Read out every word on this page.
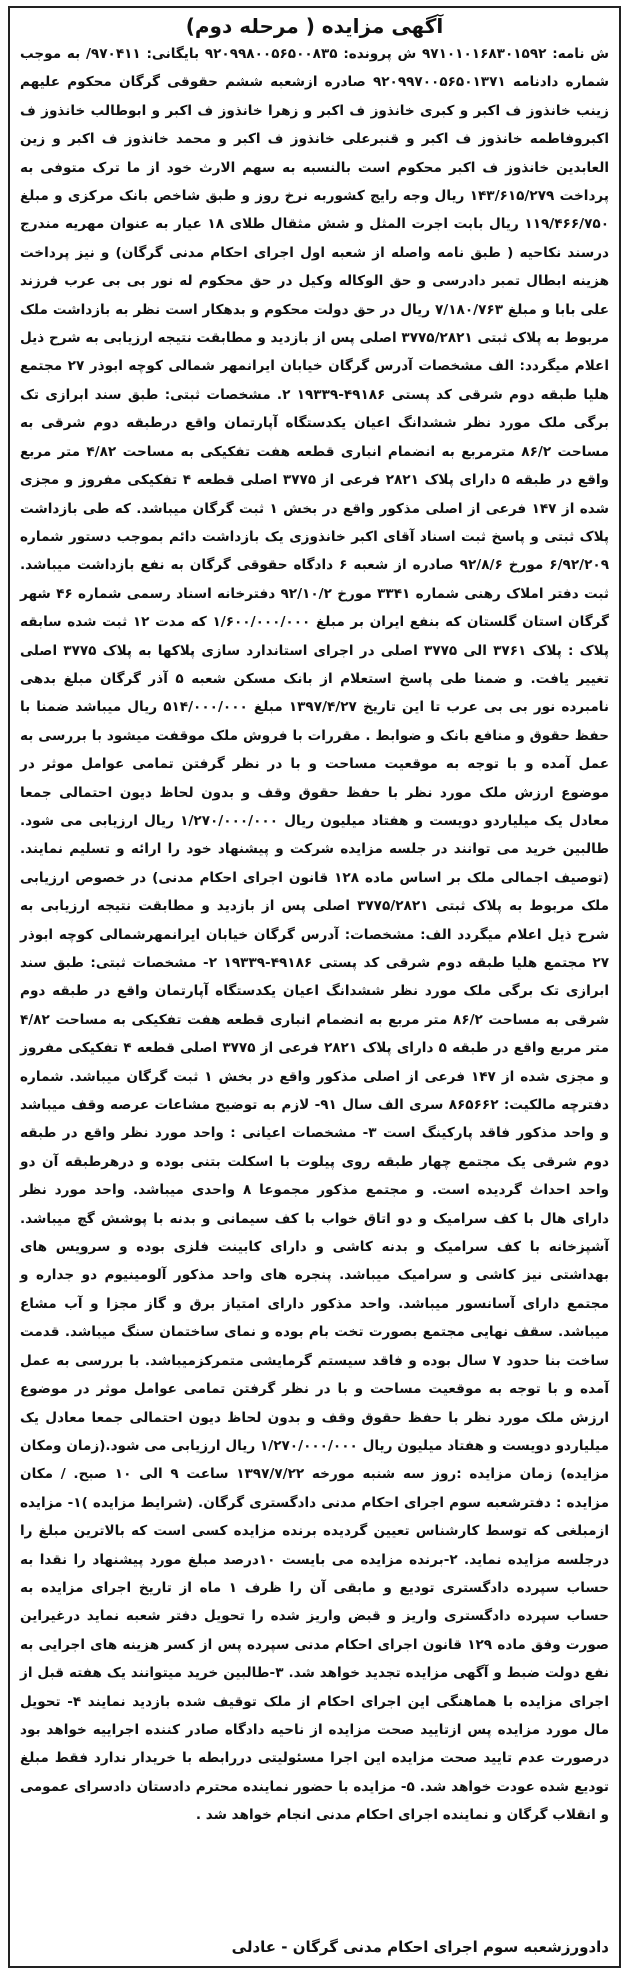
آگهی مزایده ( مرحله دوم)

ش نامه: ۹۷۱۰۱۰۱۶۸۳۰۱۵۹۲ ش پرونده: ۹۲۰۹۹۸۰۰۵۶۵۰۰۸۳۵ بایگانی: ۹۷۰۴۱۱/ به موجب شماره دادنامه ۹۲۰۹۹۷۰۰۵۶۵۰۱۳۷۱ صادره ازشعبه ششم حقوقی گرگان محکوم علیهم زینب خانذوز ف اکبر و کبری خانذوز ف اکبر و زهرا خانذوز ف اکبر و ابوطالب خانذوز ف اکبروفاطمه خانذوز ف اکبر و قنبرعلی خانذوز ف اکبر و محمد خانذوز ف اکبر و زین العابدین خانذوز ف اکبر محکوم است بالنسبه به سهم الارث خود از ما ترک متوفی به پرداخت ۱۴۳/۶۱۵/۲۷۹ ریال وجه رایج کشوربه نرخ روز و طبق شاخص بانک مرکزی و مبلغ ۱۱۹/۴۶۶/۷۵۰ ریال بابت اجرت المثل و شش مثقال طلای ۱۸ عیار به عنوان مهریه مندرج درسند نکاحیه ( طبق نامه واصله از شعبه اول اجرای احکام مدنی گرگان) و نیز پرداخت هزینه ابطال تمبر دادرسی و حق الوکاله وکیل در حق محکوم له نور بی بی عرب فرزند علی بابا و مبلغ ۷/۱۸۰/۷۶۳ ریال در حق دولت محکوم و بدهکار است نظر به بازداشت ملک مربوط به پلاک ثبتی ۳۷۷۵/۲۸۲۱ اصلی پس از بازدید و مطابقت نتیجه ارزیابی به شرح ذیل اعلام میگردد: الف مشخصات آدرس گرگان خیابان ایرانمهر شمالی کوچه ابوذر ۲۷ مجتمع هلیا طبقه دوم شرقی کد پستی ۴۹۱۸۶-۱۹۳۳۹ ۲. مشخصات ثبتی: طبق سند ابرازی تک برگی ملک مورد نظر ششدانگ اعیان یکدستگاه آپارتمان واقع درطبقه دوم شرقی به مساحت ۸۶/۲ مترمربع به انضمام انباری قطعه هفت تفکیکی به مساحت ۴/۸۲ متر مربع واقع در طبقه ۵ دارای پلاک ۲۸۲۱ فرعی از ۳۷۷۵ اصلی قطعه ۴ تفکیکی مفروز و مجزی شده از ۱۴۷ فرعی از اصلی مذکور واقع در بخش ۱ ثبت گرگان میباشد. که طی بازداشت پلاک ثبتی و پاسخ ثبت اسناد آقای اکبر خانذوزی یک بازداشت دائم بموجب دستور شماره ۶/۹۲/۲۰۹ مورخ ۹۲/۸/۶ صادره از شعبه ۶ دادگاه حقوقی گرگان به نفع بازداشت میباشد. ثبت دفتر املاک رهنی شماره ۳۳۴۱ مورخ ۹۲/۱۰/۲ دفترخانه اسناد رسمی شماره ۴۶ شهر گرگان استان گلستان که بنفع ایران بر مبلغ ۱/۶۰۰/۰۰۰/۰۰۰ که مدت ۱۲ ثبت شده سابقه پلاک : پلاک ۳۷۶۱ الی ۳۷۷۵ اصلی در اجرای استاندارد سازی پلاکها به پلاک ۳۷۷۵ اصلی تغییر یافت. و ضمنا طی پاسخ استعلام از بانک مسکن شعبه ۵ آذر گرگان مبلغ بدهی نامبرده نور بی بی عرب تا این تاریخ ۱۳۹۷/۴/۲۷ مبلغ ۵۱۴/۰۰۰/۰۰۰ ریال میباشد ضمنا با حفظ حقوق و منافع بانک و ضوابط . مقررات با فروش ملک موقفت میشود با بررسی به عمل آمده و با توجه به موقعیت مساحت و با در نظر گرفتن تمامی عوامل موثر در موضوع ارزش ملک مورد نظر با حفظ حقوق وقف و بدون لحاظ دیون احتمالی جمعا معادل یک میلیاردو دویست و هفتاد میلیون ریال ۱/۲۷۰/۰۰۰/۰۰۰ ریال ارزیابی می شود. طالبین خرید می توانند در جلسه مزایده شرکت و پیشنهاد خود را ارائه و تسلیم نمایند. (توصیف اجمالی ملک بر اساس ماده ۱۲۸ قانون اجرای احکام مدنی) در خصوص ارزیابی ملک مربوط به پلاک ثبتی ۳۷۷۵/۲۸۲۱ اصلی پس از بازدید و مطابقت نتیجه ارزیابی به شرح ذیل اعلام میگردد الف: مشخصات: آدرس گرگان خیابان ایرانمهرشمالی کوچه ابوذر ۲۷ مجتمع هلیا طبقه دوم شرقی کد پستی ۴۹۱۸۶-۱۹۳۳۹ ۲- مشخصات ثبتی: طبق سند ابرازی تک برگی ملک مورد نظر ششدانگ اعیان یکدستگاه آپارتمان واقع در طبقه دوم شرقی به مساحت ۸۶/۲ متر مربع به انضمام انباری قطعه هفت تفکیکی به مساحت ۴/۸۲ متر مربع واقع در طبقه ۵ دارای پلاک ۲۸۲۱ فرعی از ۳۷۷۵ اصلی قطعه ۴ تفکیکی مفروز و مجزی شده از ۱۴۷ فرعی از اصلی مذکور واقع در بخش ۱ ثبت گرگان میباشد. شماره دفترچه مالکیت: ۸۶۵۶۶۲ سری الف سال ۹۱- لازم به توضیح مشاعات عرصه وقف میباشد و واحد مذکور فاقد پارکینگ است ۳- مشخصات اعیانی : واحد مورد نظر واقع در طبقه دوم شرقی یک مجتمع چهار طبقه روی پیلوت با اسکلت بتنی بوده و درهرطبقه آن دو واحد احداث گردیده است. و مجتمع مذکور مجموعا ۸ واحدی میباشد. واحد مورد نظر دارای هال با کف سرامیک و دو اتاق خواب با کف سیمانی و بدنه با پوشش گچ میباشد. آشپزخانه با کف سرامیک و بدنه کاشی و دارای کابینت فلزی بوده و سرویس های بهداشتی نیز کاشی و سرامیک میباشد. پنجره های واحد مذکور آلومینیوم دو جداره و مجتمع دارای آسانسور میباشد. واحد مذکور دارای امتیاز برق و گاز مجزا و آب مشاع میباشد. سقف نهایی مجتمع بصورت تخت بام بوده و نمای ساختمان سنگ میباشد. قدمت ساخت بنا حدود ۷ سال بوده و فاقد سیستم گرمایشی متمرکزمیباشد. با بررسی به عمل آمده و با توجه به موقعیت مساحت و با در نظر گرفتن تمامی عوامل موثر در موضوع ارزش ملک مورد نظر با حفظ حقوق وقف و بدون لحاظ دیون احتمالی جمعا معادل یک میلیاردو دویست و هفتاد میلیون ریال ۱/۲۷۰/۰۰۰/۰۰۰ ریال ارزیابی می شود.(زمان ومکان مزایده) زمان مزایده :روز سه شنبه مورخه ۱۳۹۷/۷/۲۲ ساعت ۹ الی ۱۰ صبح. / مکان مزایده : دفترشعبه سوم اجرای احکام مدنی دادگستری گرگان. (شرایط مزایده )۱- مزایده ازمبلغی که توسط کارشناس تعیین گردیده برنده مزایده کسی است که بالاترین مبلغ را درجلسه مزایده نماید. ۲-برنده مزایده می بایست ۱۰درصد مبلغ مورد پیشنهاد را نقدا به حساب سپرده دادگستری تودیع و مابقی آن را ظرف ۱ ماه از تاریخ اجرای مزایده به حساب سپرده دادگستری واریز و قبض واریز شده را تحویل دفتر شعبه نماید درغیراین صورت وفق ماده ۱۲۹ قانون اجرای احکام مدنی سپرده پس از کسر هزینه های اجرایی به نفع دولت ضبط و آگهی مزایده تجدید خواهد شد. ۳-طالبین خرید میتوانند یک هفته قبل از اجرای مزایده با هماهنگی این اجرای احکام از ملک توقیف شده بازدید نمایند ۴- تحویل مال مورد مزایده پس ازتایید صحت مزایده از ناحیه دادگاه صادر کننده اجراییه خواهد بود درصورت عدم تایید صحت مزایده این اجرا مسئولیتی دررابطه با خریدار ندارد فقط مبلغ تودیع شده عودت خواهد شد. ۵- مزایده با حضور نماینده محترم دادستان دادسرای عمومی و انقلاب گرگان و نماینده اجرای احکام مدنی انجام خواهد شد .

دادورزشعبه سوم اجرای احکام مدنی گرگان - عادلی
